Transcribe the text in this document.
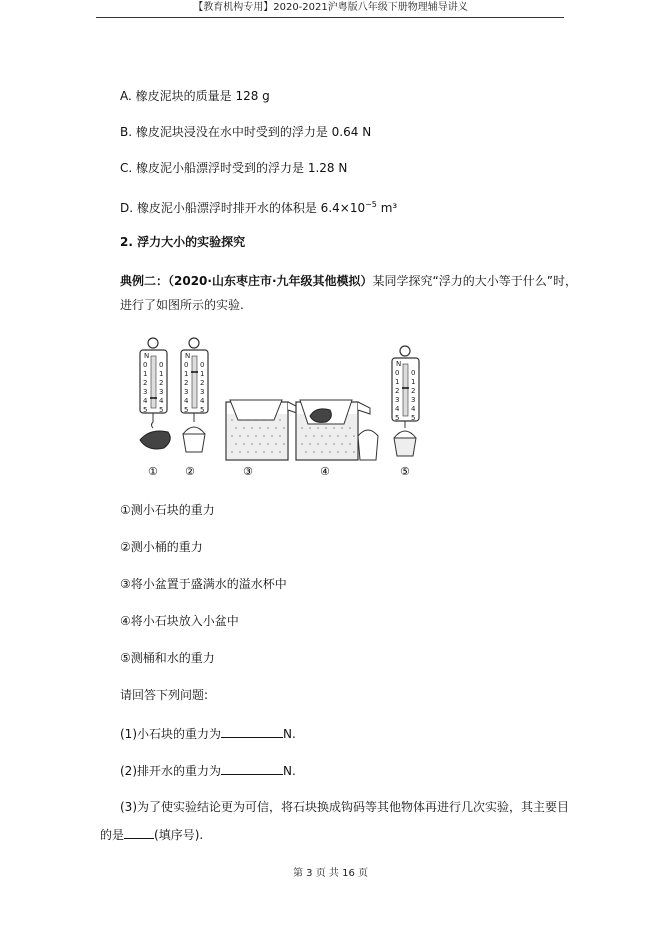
【教育机构专用】2020-2021沪粤版八年级下册物理辅导讲义
A. 橡皮泥块的质量是 128 g
B. 橡皮泥块浸没在水中时受到的浮力是 0.64 N
C. 橡皮泥小船漂浮时受到的浮力是 1.28 N
D. 橡皮泥小船漂浮时排开水的体积是 $6.4\times 10^{-5}$ m³
2. 浮力大小的实验探究
典例二：（2020·山东枣庄市·九年级其他模拟）某同学探究“浮力的大小等于什么”时，
进行了如图所示的实验.
N
0
1
2
3
4
5
0
1
2
3
4
5
①
N
0
1
2
3
4
5
0
1
2
3
4
5
②	③	④
N
0
1
2
3
4
5
0
1
2
3
4
5
⑤
①测小石块的重力
②测小桶的重力
③将小盆置于盛满水的溢水杯中
④将小石块放入小盆中
⑤测桶和水的重力
请回答下列问题:
(1)小石块的重力为	N.
(2)排开水的重力为	N.
(3)为了使实验结论更为可信，将石块换成钩码等其他物体再进行几次实验，其主要目
的是	(填序号).
第 3 页 共 16 页
